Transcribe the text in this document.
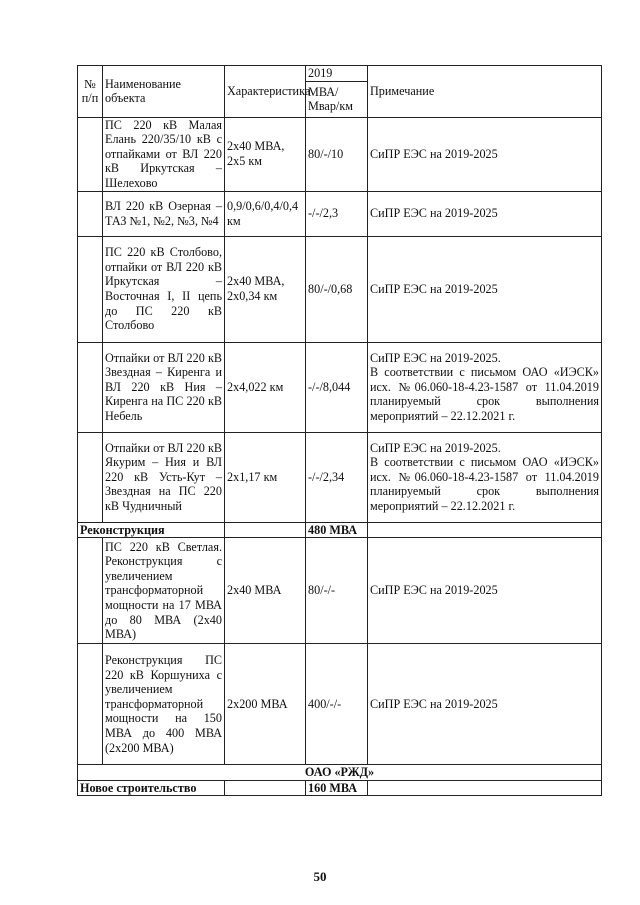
№ п/п	Наименование объекта	Характеристика	2019	Примечание
			МВА/Мвар/км	
	ПС 220 кВ Малая Елань 220/35/10 кВ с отпайками от ВЛ 220 кВ Иркутская – Шелехово	2х40 МВА, 2х5 км	80/-/10	СиПР ЕЭС на 2019-2025
	ВЛ 220 кВ Озерная – ТАЗ №1, №2, №3, №4	0,9/0,6/0,4/0,4 км	-/-/2,3	СиПР ЕЭС на 2019-2025
	ПС 220 кВ Столбово, отпайки от ВЛ 220 кВ Иркутская – Восточная I, II цепь до ПС 220 кВ Столбово	2х40 МВА, 2х0,34 км	80/-/0,68	СиПР ЕЭС на 2019-2025
	Отпайки от ВЛ 220 кВ Звездная – Киренга и ВЛ 220 кВ Ния – Киренга на ПС 220 кВ Небель	2х4,022 км	-/-/8,044	СиПР ЕЭС на 2019-2025.
В соответствии с письмом ОАО «ИЭСК» исх. №06.060-18-4.23-1587 от 11.04.2019 планируемый срок выполнения мероприятий – 22.12.2021 г.

	Отпайки от ВЛ 220 кВ Якурим – Ния и ВЛ 220 кВ Усть-Кут – Звездная на ПС 220 кВ Чудничный	2х1,17 км	-/-/2,34	СиПР ЕЭС на 2019-2025.
В соответствии с письмом ОАО «ИЭСК» исх. №06.060-18-4.23-1587 от 11.04.2019 планируемый срок выполнения мероприятий – 22.12.2021 г.

Реконструкция			480 МВА	
	ПС 220 кВ Светлая. Реконструкция с увеличением трансформаторной мощности на 17 МВА до 80 МВА (2х40 МВА)	2х40 МВА	80/-/-	СиПР ЕЭС на 2019-2025
	Реконструкция ПС 220 кВ Коршуниха с увеличением трансформаторной мощности на 150 МВА до 400 МВА (2х200 МВА)	2х200 МВА	400/-/-	СиПР ЕЭС на 2019-2025
ОАО «РЖД»				
Новое строительство			160 МВА	
50
